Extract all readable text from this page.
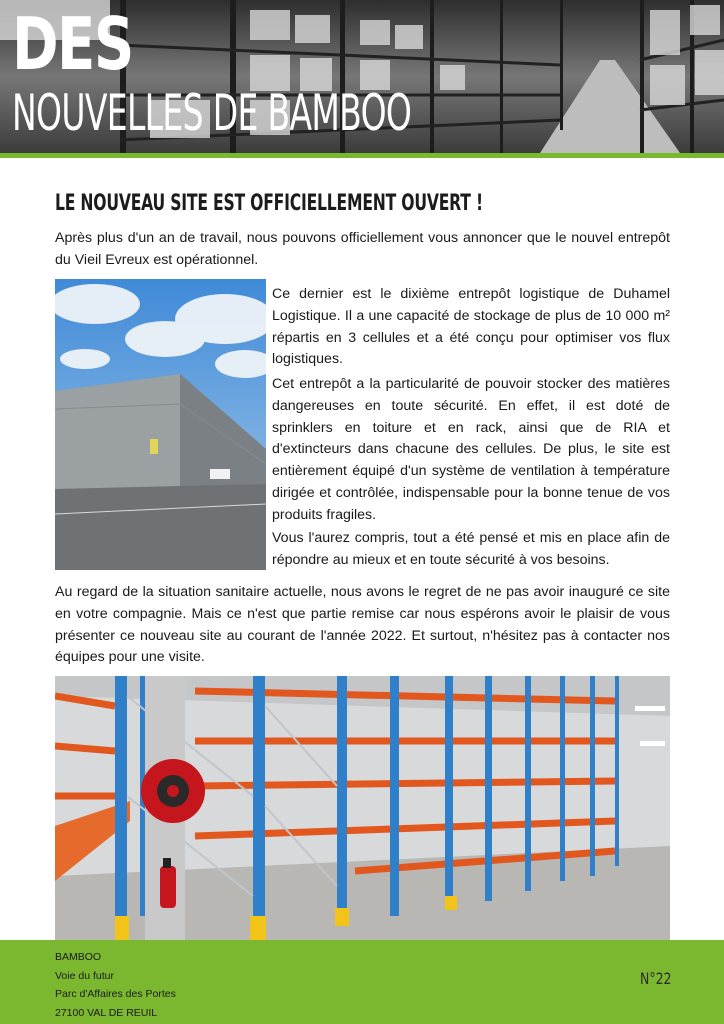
DES
NOUVELLES DE BAMBOO
LE NOUVEAU SITE EST OFFICIELLEMENT OUVERT !

Après plus d'un an de travail, nous pouvons officiellement vous annoncer que le nouvel entrepôt du Vieil Evreux est opérationnel.

Ce dernier est le dixième entrepôt logistique de Duhamel Logistique. Il a une capacité de stockage de plus de 10 000 m² répartis en 3 cellules et a été conçu pour optimiser vos flux logistiques.

Cet entrepôt a la particularité de pouvoir stocker des matières dangereuses en toute sécurité. En effet, il est doté de sprinklers en toiture et en rack, ainsi que de RIA et d'extincteurs dans chacune des cellules. De plus, le site est entièrement équipé d'un système de ventilation à température dirigée et contrôlée, indispensable pour la bonne tenue de vos produits fragiles.

Vous l'aurez compris, tout a été pensé et mis en place afin de répondre au mieux et en toute sécurité à vos besoins.

Au regard de la situation sanitaire actuelle, nous avons le regret de ne pas avoir inauguré ce site en votre compagnie. Mais ce n'est que partie remise car nous espérons avoir le plaisir de vous présenter ce nouveau site au courant de l'année 2022. Et surtout, n'hésitez pas à contacter nos équipes pour une visite.

BAMBOO
Voie du futur
Parc d'Affaires des Portes
27100 VAL DE REUIL
N°22
